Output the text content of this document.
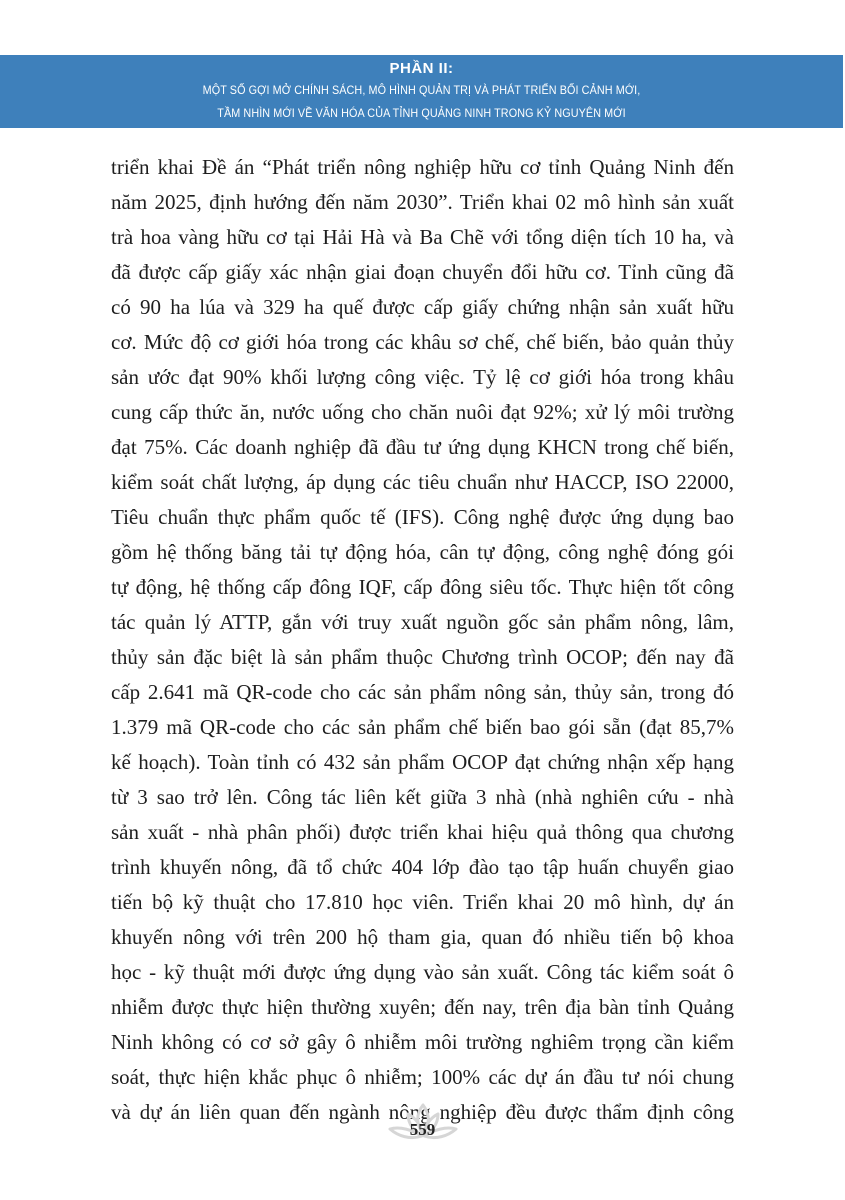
PHẦN II:
MỘT SỐ GỢI MỞ CHÍNH SÁCH, MÔ HÌNH QUẢN TRỊ VÀ PHÁT TRIỂN BỐI CẢNH MỚI,
TẦM NHÌN MỚI VỀ VĂN HÓA CỦA TỈNH QUẢNG NINH TRONG KỶ NGUYÊN MỚI
triển khai Đề án “Phát triển nông nghiệp hữu cơ tỉnh Quảng Ninh đến
năm 2025, định hướng đến năm 2030”. Triển khai 02 mô hình sản xuất
trà hoa vàng hữu cơ tại Hải Hà và Ba Chẽ với tổng diện tích 10 ha, và
đã được cấp giấy xác nhận giai đoạn chuyển đổi hữu cơ. Tỉnh cũng đã
có 90 ha lúa và 329 ha quế được cấp giấy chứng nhận sản xuất hữu
cơ. Mức độ cơ giới hóa trong các khâu sơ chế, chế biến, bảo quản thủy
sản ước đạt 90% khối lượng công việc. Tỷ lệ cơ giới hóa trong khâu
cung cấp thức ăn, nước uống cho chăn nuôi đạt 92%; xử lý môi trường
đạt 75%. Các doanh nghiệp đã đầu tư ứng dụng KHCN trong chế biến,
kiểm soát chất lượng, áp dụng các tiêu chuẩn như HACCP, ISO 22000,
Tiêu chuẩn thực phẩm quốc tế (IFS). Công nghệ được ứng dụng bao
gồm hệ thống băng tải tự động hóa, cân tự động, công nghệ đóng gói
tự động, hệ thống cấp đông IQF, cấp đông siêu tốc. Thực hiện tốt công
tác quản lý ATTP, gắn với truy xuất nguồn gốc sản phẩm nông, lâm,
thủy sản đặc biệt là sản phẩm thuộc Chương trình OCOP; đến nay đã
cấp 2.641 mã QR-code cho các sản phẩm nông sản, thủy sản, trong đó
1.379 mã QR-code cho các sản phẩm chế biến bao gói sẵn (đạt 85,7%
kế hoạch). Toàn tỉnh có 432 sản phẩm OCOP đạt chứng nhận xếp hạng
từ 3 sao trở lên. Công tác liên kết giữa 3 nhà (nhà nghiên cứu - nhà
sản xuất - nhà phân phối) được triển khai hiệu quả thông qua chương
trình khuyến nông, đã tổ chức 404 lớp đào tạo tập huấn chuyển giao
tiến bộ kỹ thuật cho 17.810 học viên. Triển khai 20 mô hình, dự án
khuyến nông với trên 200 hộ tham gia, quan đó nhiều tiến bộ khoa
học - kỹ thuật mới được ứng dụng vào sản xuất. Công tác kiểm soát ô
nhiễm được thực hiện thường xuyên; đến nay, trên địa bàn tỉnh Quảng
Ninh không có cơ sở gây ô nhiễm môi trường nghiêm trọng cần kiểm
soát, thực hiện khắc phục ô nhiễm; 100% các dự án đầu tư nói chung
và dự án liên quan đến ngành nông nghiệp đều được thẩm định công
559
